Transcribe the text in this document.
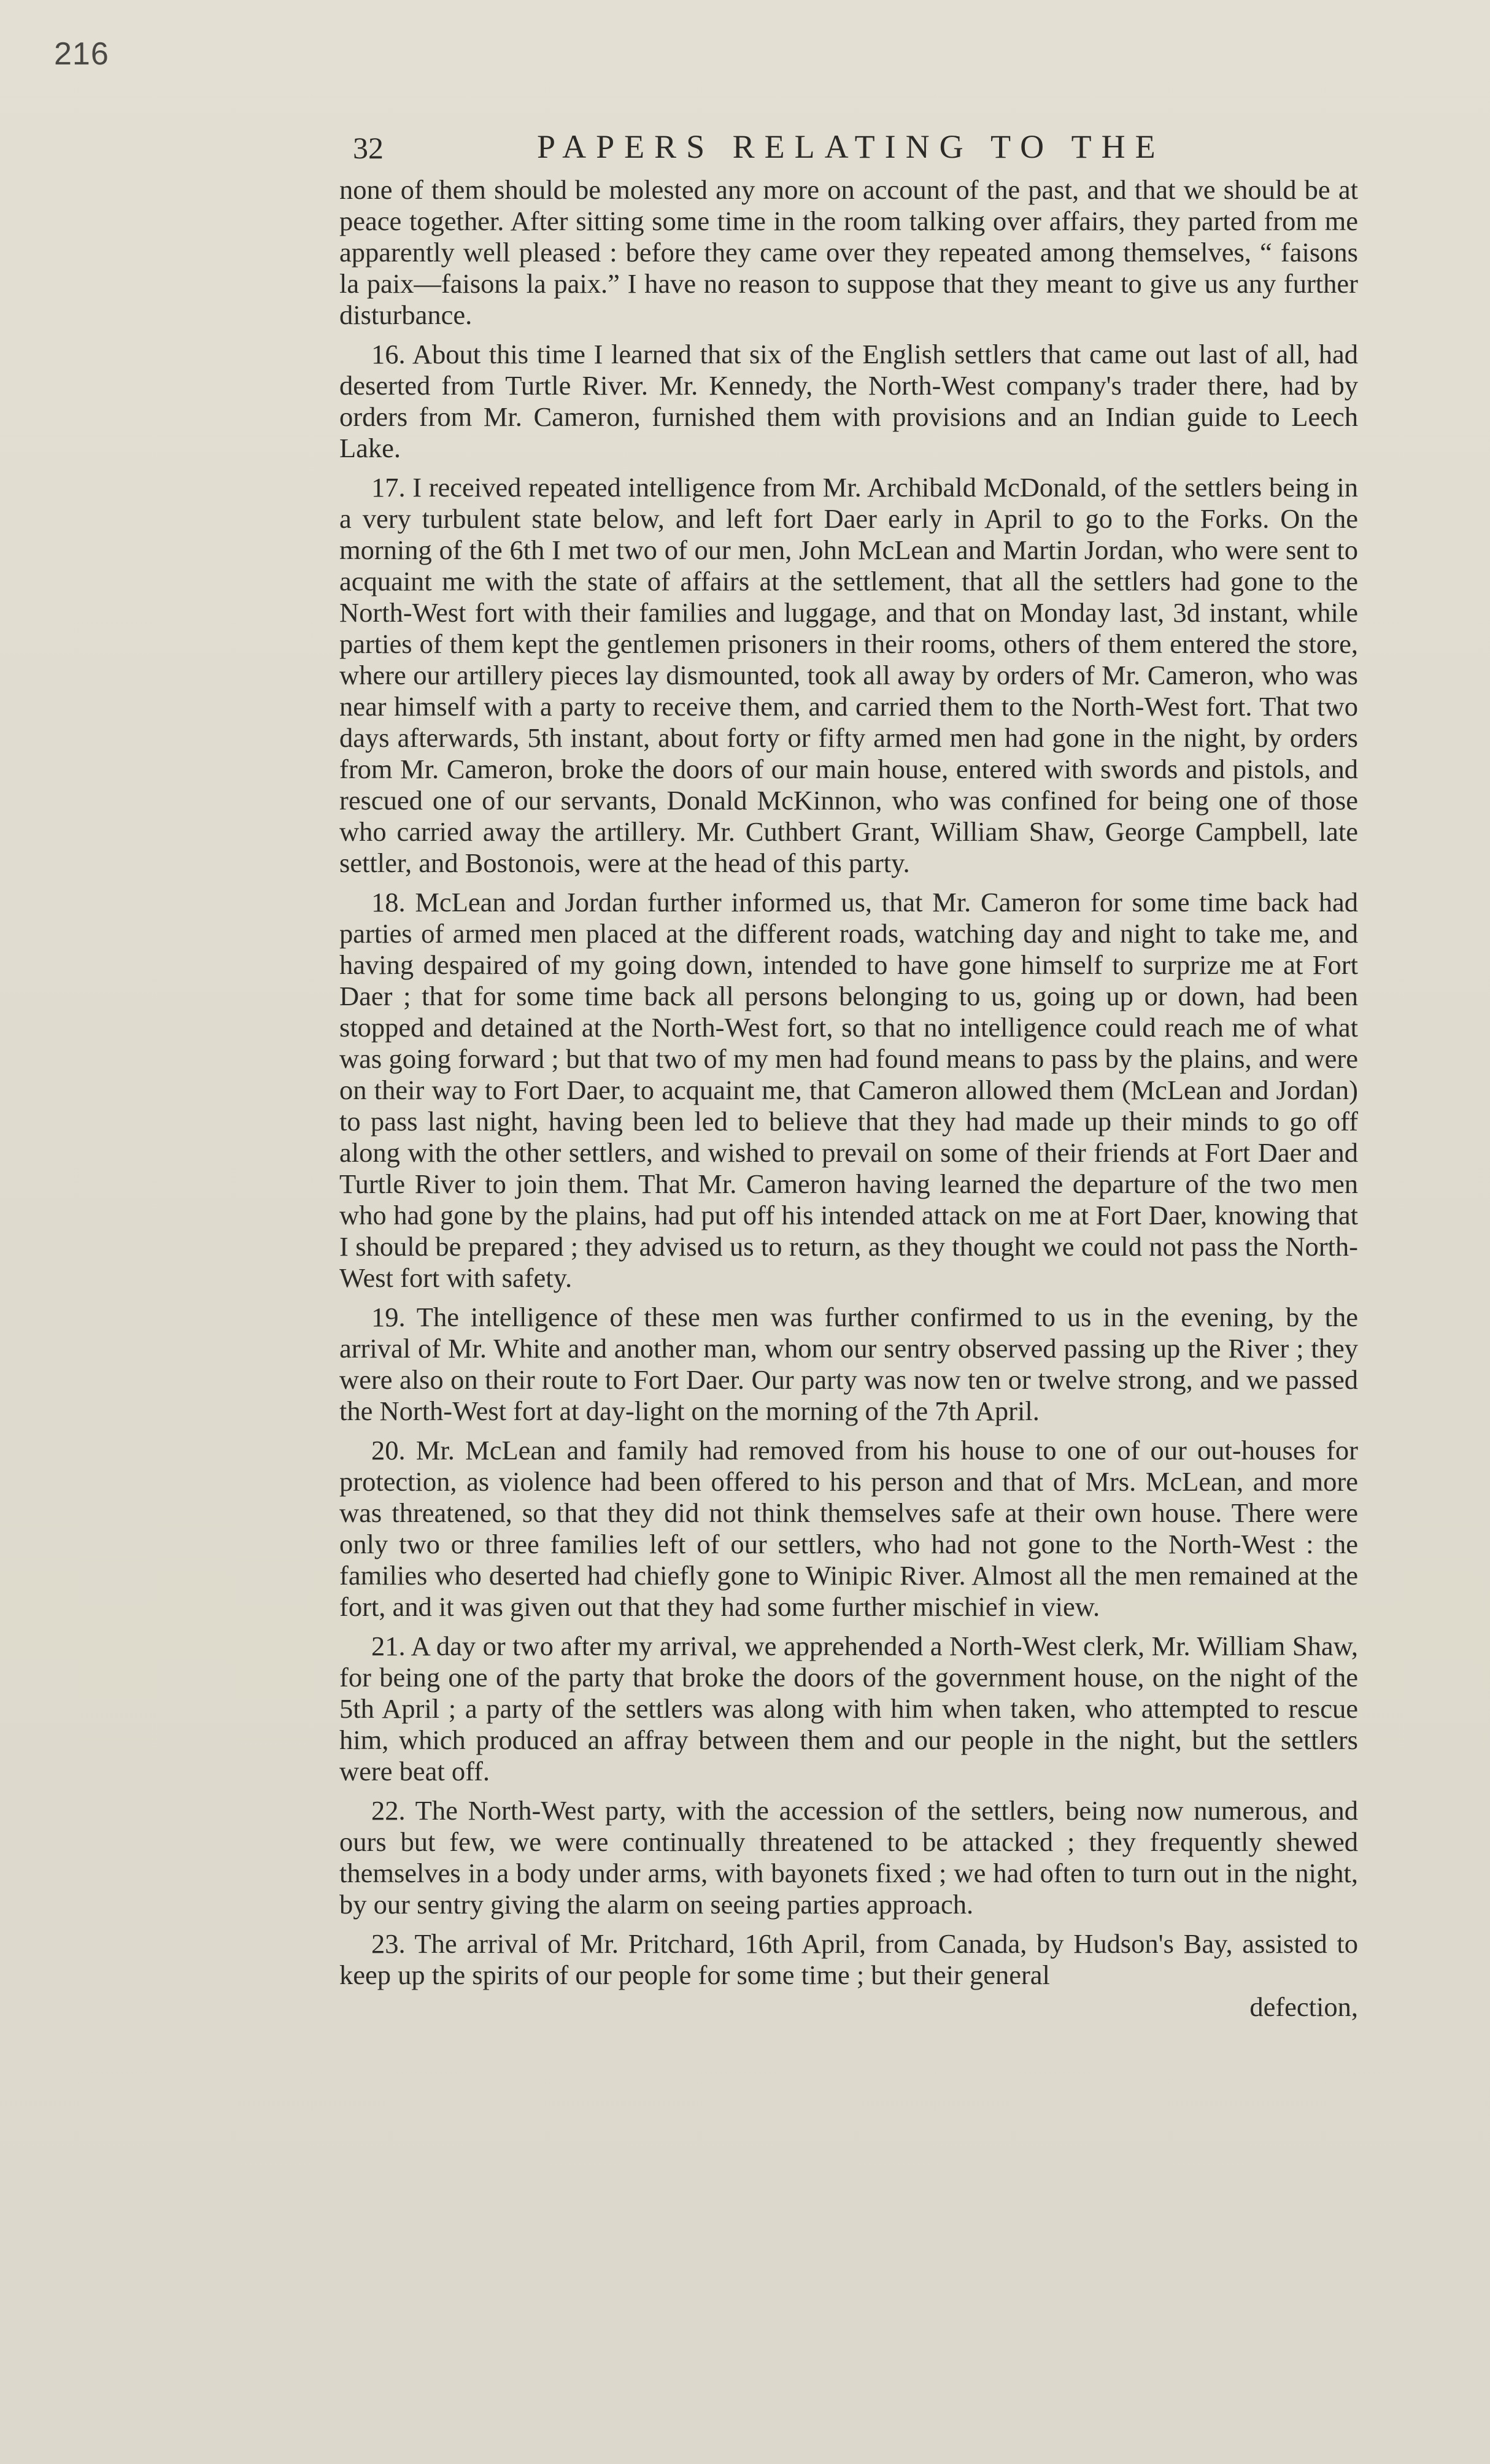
216
32	PAPERS RELATING TO THE

none of them should be molested any more on account of the past, and that we should be at peace together. After sitting some time in the room talking over affairs, they parted from me apparently well pleased : before they came over they repeated among themselves, “ faisons la paix—faisons la paix.” I have no reason to suppose that they meant to give us any further disturbance.

16. About this time I learned that six of the English settlers that came out last of all, had deserted from Turtle River. Mr. Kennedy, the North-West company's trader there, had by orders from Mr. Cameron, furnished them with provisions and an Indian guide to Leech Lake.

17. I received repeated intelligence from Mr. Archibald McDonald, of the settlers being in a very turbulent state below, and left fort Daer early in April to go to the Forks. On the morning of the 6th I met two of our men, John McLean and Martin Jordan, who were sent to acquaint me with the state of affairs at the settlement, that all the settlers had gone to the North-West fort with their families and luggage, and that on Monday last, 3d instant, while parties of them kept the gentlemen prisoners in their rooms, others of them entered the store, where our artillery pieces lay dismounted, took all away by orders of Mr. Cameron, who was near himself with a party to receive them, and carried them to the North-West fort. That two days afterwards, 5th instant, about forty or fifty armed men had gone in the night, by orders from Mr. Cameron, broke the doors of our main house, entered with swords and pistols, and rescued one of our servants, Donald McKinnon, who was confined for being one of those who carried away the artillery. Mr. Cuthbert Grant, William Shaw, George Campbell, late settler, and Bostonois, were at the head of this party.

18. McLean and Jordan further informed us, that Mr. Cameron for some time back had parties of armed men placed at the different roads, watching day and night to take me, and having despaired of my going down, intended to have gone himself to surprize me at Fort Daer ; that for some time back all persons belonging to us, going up or down, had been stopped and detained at the North-West fort, so that no intelligence could reach me of what was going forward ; but that two of my men had found means to pass by the plains, and were on their way to Fort Daer, to acquaint me, that Cameron allowed them (McLean and Jordan) to pass last night, having been led to believe that they had made up their minds to go off along with the other settlers, and wished to prevail on some of their friends at Fort Daer and Turtle River to join them. That Mr. Cameron having learned the departure of the two men who had gone by the plains, had put off his intended attack on me at Fort Daer, knowing that I should be prepared ; they advised us to return, as they thought we could not pass the North-West fort with safety.

19. The intelligence of these men was further confirmed to us in the evening, by the arrival of Mr. White and another man, whom our sentry observed passing up the River ; they were also on their route to Fort Daer. Our party was now ten or twelve strong, and we passed the North-West fort at day-light on the morning of the 7th April.

20. Mr. McLean and family had removed from his house to one of our out-houses for protection, as violence had been offered to his person and that of Mrs. McLean, and more was threatened, so that they did not think themselves safe at their own house. There were only two or three families left of our settlers, who had not gone to the North-West : the families who deserted had chiefly gone to Winipic River. Almost all the men remained at the fort, and it was given out that they had some further mischief in view.

21. A day or two after my arrival, we apprehended a North-West clerk, Mr. William Shaw, for being one of the party that broke the doors of the government house, on the night of the 5th April ; a party of the settlers was along with him when taken, who attempted to rescue him, which produced an affray between them and our people in the night, but the settlers were beat off.

22. The North-West party, with the accession of the settlers, being now numerous, and ours but few, we were continually threatened to be attacked ; they frequently shewed themselves in a body under arms, with bayonets fixed ; we had often to turn out in the night, by our sentry giving the alarm on seeing parties approach.

23. The arrival of Mr. Pritchard, 16th April, from Canada, by Hudson's Bay, assisted to keep up the spirits of our people for some time ; but their general

defection,
